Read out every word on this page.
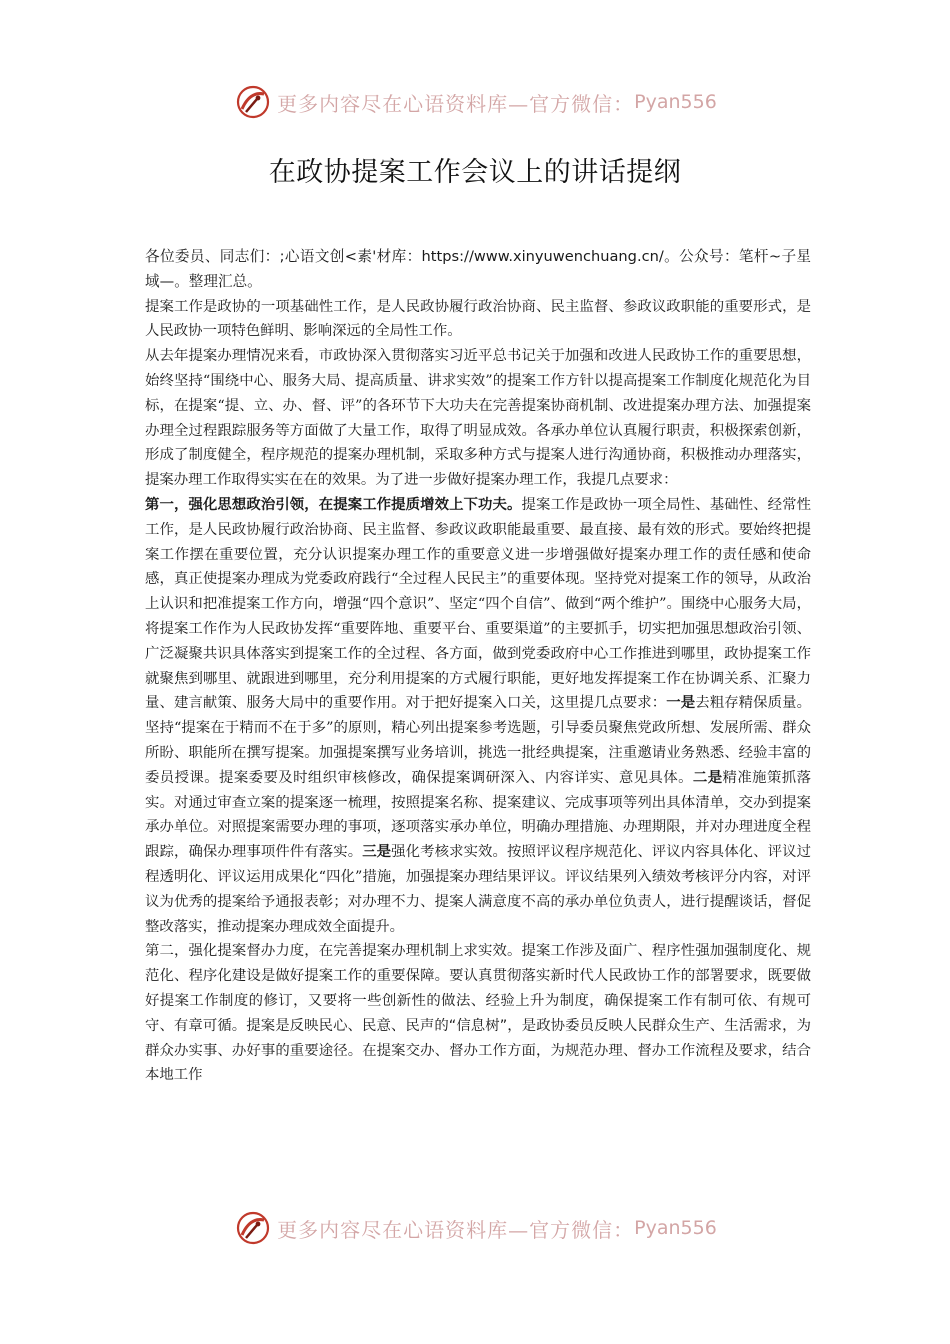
更多内容尽在心语资料库—官方微信： Pyan556
在政协提案工作会议上的讲话提纲

各位委员、同志们：;心语文创<素'材库：https://www.xinyuwenchuang.cn/。公众号：笔杆~子星域—。整理汇总。

提案工作是政协的一项基础性工作，是人民政协履行政治协商、民主监督、参政议政职能的重要形式，是人民政协一项特色鲜明、影响深远的全局性工作。

从去年提案办理情况来看，市政协深入贯彻落实习近平总书记关于加强和改进人民政协工作的重要思想，始终坚持“围绕中心、服务大局、提高质量、讲求实效”的提案工作方针以提高提案工作制度化规范化为目标，在提案“提、立、办、督、评”的各环节下大功夫在完善提案协商机制、改进提案办理方法、加强提案办理全过程跟踪服务等方面做了大量工作，取得了明显成效。各承办单位认真履行职责，积极探索创新，形成了制度健全，程序规范的提案办理机制，采取多种方式与提案人进行沟通协商，积极推动办理落实，提案办理工作取得实实在在的效果。为了进一步做好提案办理工作，我提几点要求：

第一，强化思想政治引领，在提案工作提质增效上下功夫。提案工作是政协一项全局性、基础性、经常性工作，是人民政协履行政治协商、民主监督、参政议政职能最重要、最直接、最有效的形式。要始终把提案工作摆在重要位置，充分认识提案办理工作的重要意义进一步增强做好提案办理工作的责任感和使命感，真正使提案办理成为党委政府践行“全过程人民民主”的重要体现。坚持党对提案工作的领导，从政治上认识和把准提案工作方向，增强“四个意识”、坚定“四个自信”、做到“两个维护”。围绕中心服务大局，将提案工作作为人民政协发挥“重要阵地、重要平台、重要渠道”的主要抓手，切实把加强思想政治引领、广泛凝聚共识具体落实到提案工作的全过程、各方面，做到党委政府中心工作推进到哪里，政协提案工作就聚焦到哪里、就跟进到哪里，充分利用提案的方式履行职能，更好地发挥提案工作在协调关系、汇聚力量、建言献策、服务大局中的重要作用。对于把好提案入口关，这里提几点要求：一是去粗存精保质量。坚持“提案在于精而不在于多”的原则，精心列出提案参考选题，引导委员聚焦党政所想、发展所需、群众所盼、职能所在撰写提案。加强提案撰写业务培训，挑选一批经典提案，注重邀请业务熟悉、经验丰富的委员授课。提案委要及时组织审核修改，确保提案调研深入、内容详实、意见具体。二是精准施策抓落实。对通过审查立案的提案逐一梳理，按照提案名称、提案建议、完成事项等列出具体清单，交办到提案承办单位。对照提案需要办理的事项，逐项落实承办单位，明确办理措施、办理期限，并对办理进度全程跟踪，确保办理事项件件有落实。三是强化考核求实效。按照评议程序规范化、评议内容具体化、评议过程透明化、评议运用成果化“四化”措施，加强提案办理结果评议。评议结果列入绩效考核评分内容，对评议为优秀的提案给予通报表彰；对办理不力、提案人满意度不高的承办单位负责人，进行提醒谈话，督促整改落实，推动提案办理成效全面提升。

第二，强化提案督办力度，在完善提案办理机制上求实效。提案工作涉及面广、程序性强加强制度化、规范化、程序化建设是做好提案工作的重要保障。要认真贯彻落实新时代人民政协工作的部署要求，既要做好提案工作制度的修订，又要将一些创新性的做法、经验上升为制度，确保提案工作有制可依、有规可守、有章可循。提案是反映民心、民意、民声的“信息树”，是政协委员反映人民群众生产、生活需求，为群众办实事、办好事的重要途径。在提案交办、督办工作方面，为规范办理、督办工作流程及要求，结合本地工作

更多内容尽在心语资料库—官方微信： Pyan556
